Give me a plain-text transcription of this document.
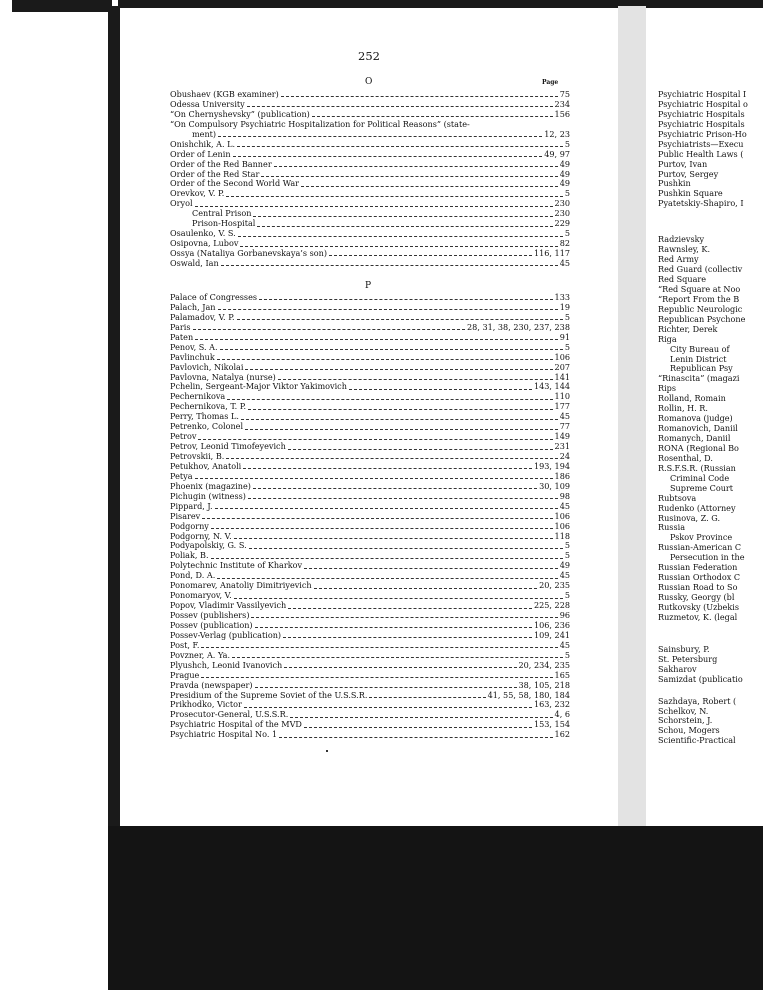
252
O	Page
Obushaev (KGB examiner)	75
Odessa University	234
“On Chernyshevsky” (publication)	156
“On Compulsory Psychiatric Hospitalization for Political Reasons” (state-
ment)	12, 23
Onishchik, A. L.	5
Order of Lenin	49, 97
Order of the Red Banner	49
Order of the Red Star	49
Order of the Second World War	49
Orevkov, V. P.	5
Oryol	230
Central Prison	230
Prison-Hospital	229
Osaulenko, V. S.	5
Osipovna, Lubov	82
Ossya (Nataliya Gorbanevskaya’s son)	116, 117
Oswald, Ian	45
P
Palace of Congresses	133
Palach, Jan	19
Palamadov, V. P.	5
Paris	28, 31, 38, 230, 237, 238
Paten	91
Penov, S. A.	5
Pavlinchuk	106
Pavlovich, Nikolai	207
Pavlovna, Natalya (nurse)	141
Pchelin, Sergeant-Major Viktor Yakimovich	143, 144
Pechernikova	110
Pechernikova, T. P.	177
Perry, Thomas L.	45
Petrenko, Colonel	77
Petrov	149
Petrov, Leonid Timofeyevich	231
Petrovskii, B.	24
Petukhov, Anatoli	193, 194
Petya	186
Phoenix (magazine)	30, 109
Pichugin (witness)	98
Pippard, J.	45
Pisarev	106
Podgorny	106
Podgorny, N. V.	118
Podyapolskiy, G. S.	5
Poliak, B.	5
Polytechnic Institute of Kharkov	49
Pond, D. A.	45
Ponomarev, Anatoliy Dimitriyevich	20, 235
Ponomaryov, V.	5
Popov, Vladimir Vassilyevich	225, 228
Possev (publishers)	96
Possev (publication)	106, 236
Possev-Verlag (publication)	109, 241
Post, F.	45
Povzner, A. Ya.	5
Plyushch, Leonid Ivanovich	20, 234, 235
Prague	165
Pravda (newspaper)	38, 105, 218
Presidium of the Supreme Soviet of the U.S.S.R.	41, 55, 58, 180, 184
Prikhodko, Victor	163, 232
Prosecutor-General, U.S.S.R.	4, 6
Psychiatric Hospital of the MVD	153, 154
Psychiatric Hospital No. 1	162
Psychiatric Hospital I
Psychiatric Hospital o
Psychiatric Hospitals
Psychiatric Hospitals
Psychiatric Prison-Ho
Psychiatrists—Execu
Public Health Laws (
Purtov, Ivan
Purtov, Sergey
Pushkin
Pushkin Square
Pyatetskiy-Shapiro, I
Radzievsky
Rawnsley, K.
Red Army
Red Guard (collectiv
Red Square
“Red Square at Noo
“Report From the B
Republic Neurologic
Republican Psychone
Richter, Derek
Riga
City Bureau of
Lenin District
Republican Psy
“Rinascita” (magazi
Rips
Rolland, Romain
Rollin, H. R.
Romanova (judge)
Romanovich, Daniil
Romanych, Daniil
RONA (Regional Bo
Rosenthal, D.
R.S.F.S.R. (Russian
Criminal Code
Supreme Court
Rubtsova
Rudenko (Attorney
Rusinova, Z. G.
Russia
Pskov Province
Russian-American C
Persecution in the
Russian Federation
Russian Orthodox C
Russian Road to So
Russky, Georgy (bl
Rutkovsky (Uzbekis
Ruzmetov, K. (legal
Sainsbury, P.
St. Petersburg
Sakharov
Samizdat (publicatio
Sazhdaya, Robert (
Schelkov, N.
Schorstein, J.
Schou, Mogers
Scientific-Practical
